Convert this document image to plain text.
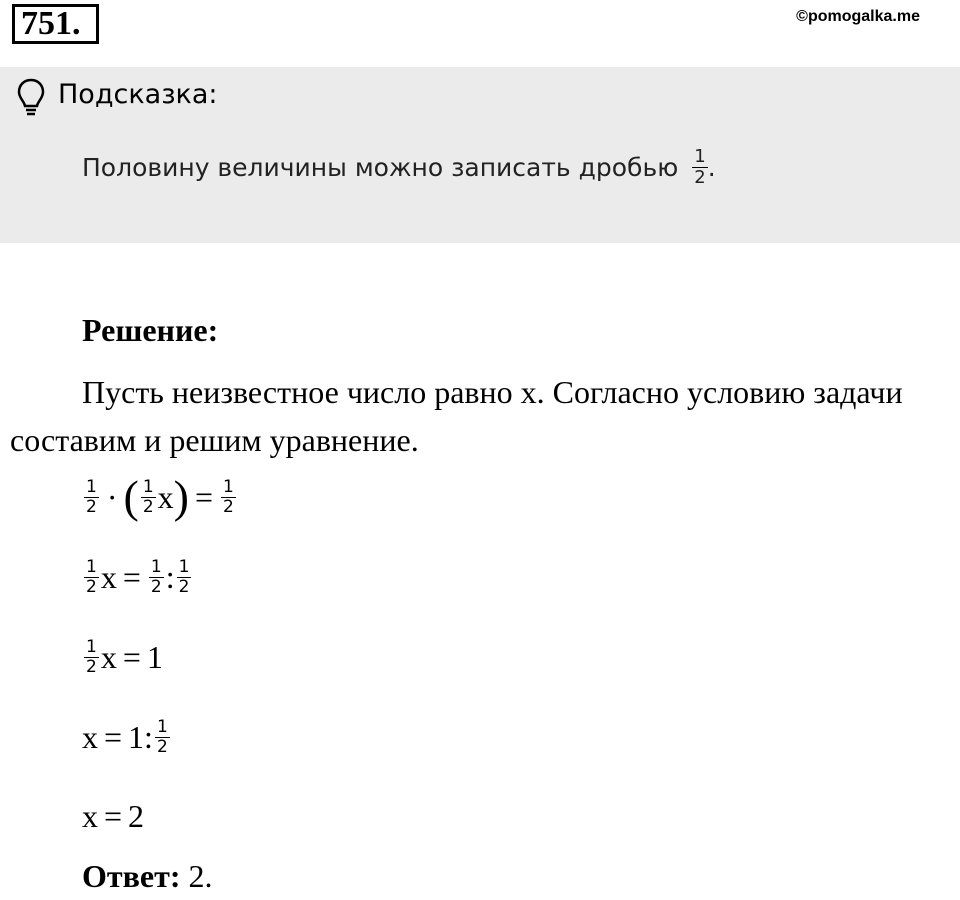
751.	©pomogalka.me
Подсказка:
Половину величины можно записать дробью $\frac{1}{2}$ .
Решение:

Пусть неизвестное число равно x. Согласно условию задачи составим и решим уравнение.

$\frac{1}{2}$ · ( $\frac{1}{2}$ x ) = $\frac{1}{2}$
$\frac{1}{2}$ $x = \frac{1}{2}$ : $\frac{1}{2}$
$\frac{1}{2}$ x = 1
x = 1 : $\frac{1}{2}$
x = 2
Ответ: 2.
